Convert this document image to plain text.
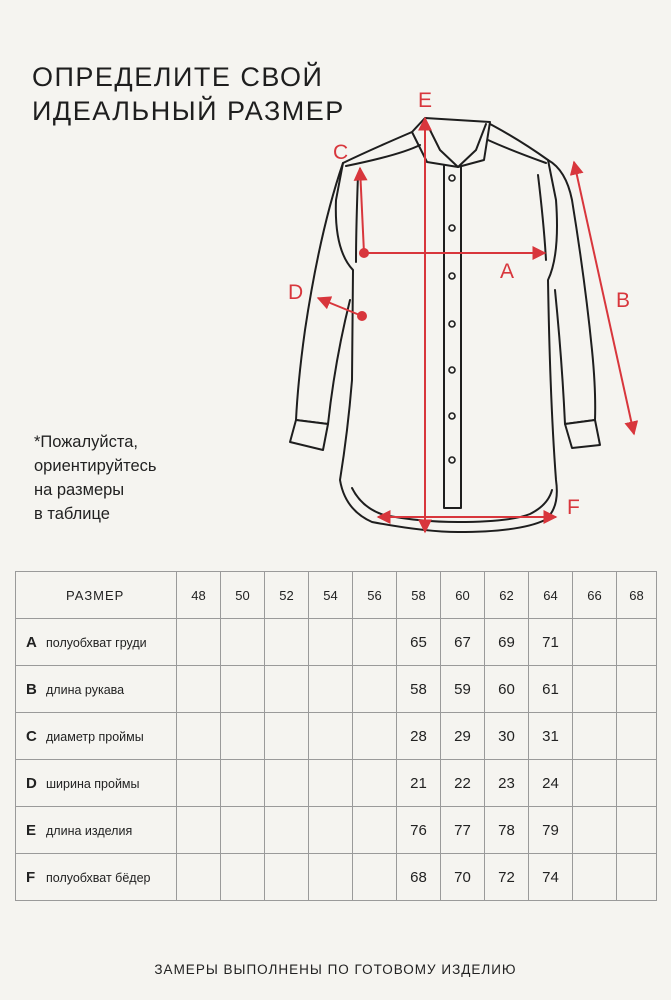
ОПРЕДЕЛИТЕ СВОЙ
ИДЕАЛЬНЫЙ РАЗМЕР
*Пожалуйста,
ориентируйтесь
на размеры
в таблице
A
B
C
D
E
F
РАЗМЕР	48	50	52	54	56	58	60	62	64	66	68
A полуобхват груди						65	67	69	71		
B длина рукава						58	59	60	61		
C диаметр проймы						28	29	30	31		
D ширина проймы						21	22	23	24		
E длина изделия						76	77	78	79		
F полуобхват бёдер						68	70	72	74		
ЗАМЕРЫ ВЫПОЛНЕНЫ ПО ГОТОВОМУ ИЗДЕЛИЮ
